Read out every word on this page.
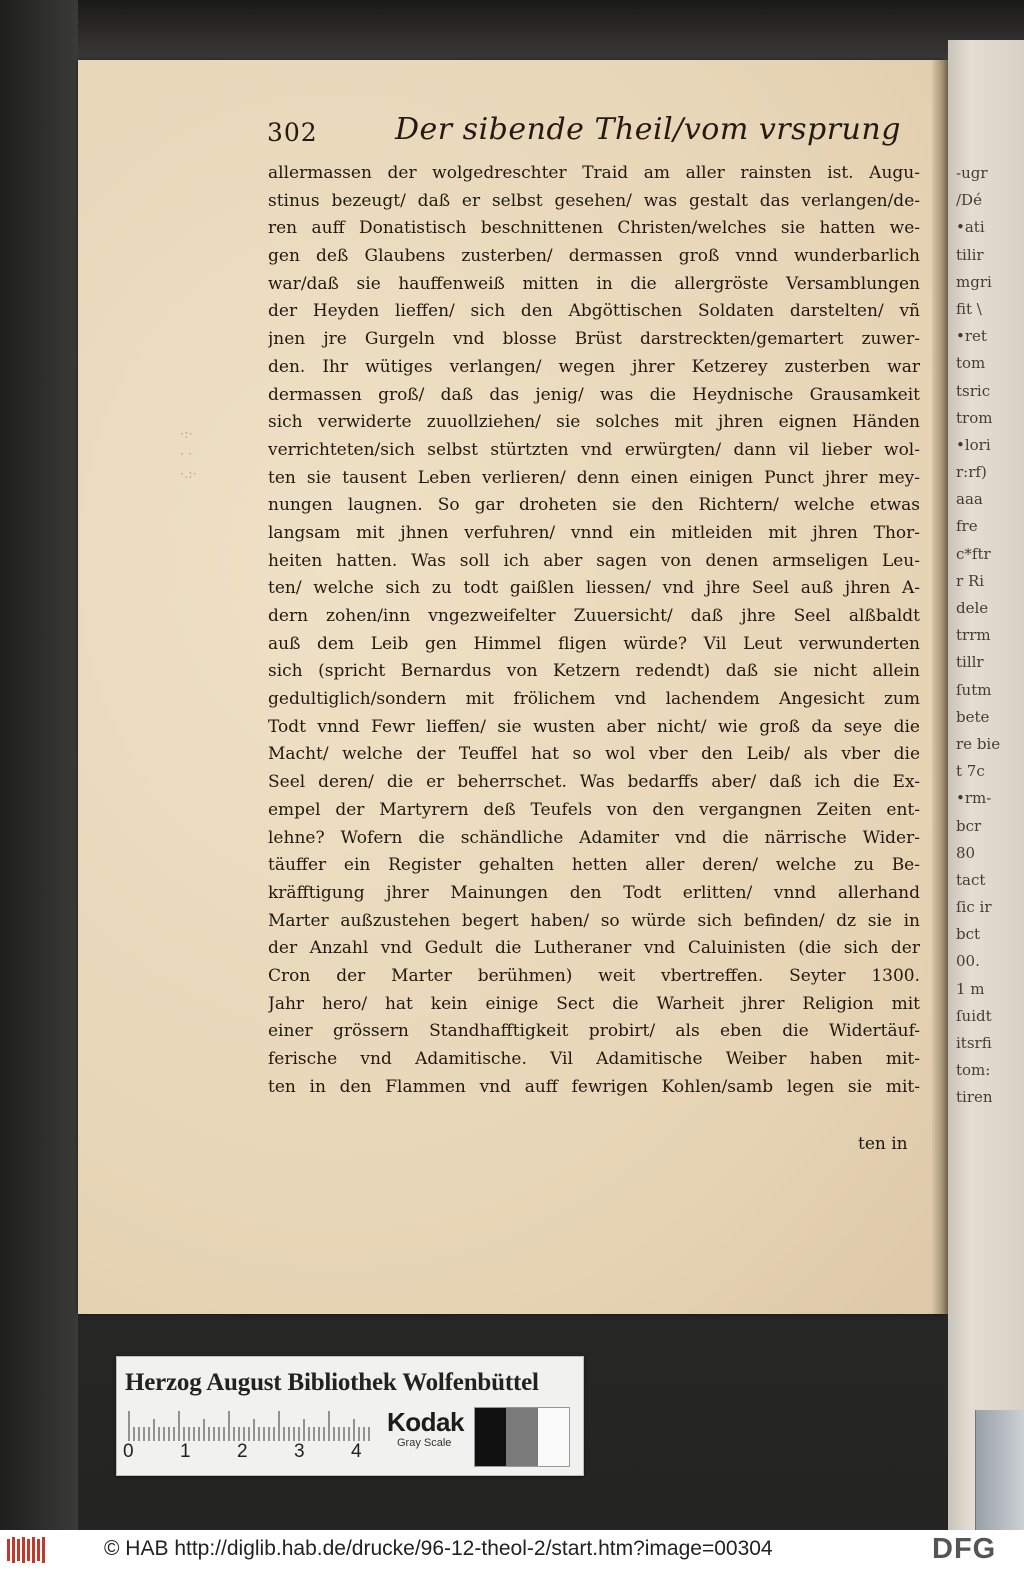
-ugr
/Dé
•ati
tilir
mgri
fit \
•ret
tom
tsric
trom
•lori
r:rf)
aaa
fre
c*ftr
r Ri
dele
trrm
tillr
ſutm
bete
re bie
t 7c
•rm-
bcr
80
tact
ſic ir
bct
00.
1 m
ſuidt
itsrfi
tom:
tiren
·:·
· ·
·.:·
302	Der sibende Theil/vom vrsprung
allermassen der wolgedreschter Traid am aller rainsten ist. Augu-
stinus bezeugt/ daß er selbst gesehen/ was gestalt das verlangen/de-
ren auff Donatistisch beschnittenen Christen/welches sie hatten we-
gen deß Glaubens zusterben/ dermassen groß vnnd wunderbarlich
war/daß sie hauffenweiß mitten in die allergröste Versamblungen
der Heyden lieffen/ sich den Abgöttischen Soldaten darstelten/ vñ
jnen jre Gurgeln vnd blosse Brüst darstreckten/gemartert zuwer-
den. Ihr wütiges verlangen/ wegen jhrer Ketzerey zusterben war
dermassen groß/ daß das jenig/ was die Heydnische Grausamkeit
sich verwiderte zuuollziehen/ sie solches mit jhren eignen Händen
verrichteten/sich selbst stürtzten vnd erwürgten/ dann vil lieber wol-
ten sie tausent Leben verlieren/ denn einen einigen Punct jhrer mey-
nungen laugnen. So gar droheten sie den Richtern/ welche etwas
langsam mit jhnen verfuhren/ vnnd ein mitleiden mit jhren Thor-
heiten hatten. Was soll ich aber sagen von denen armseligen Leu-
ten/ welche sich zu todt gaißlen liessen/ vnd jhre Seel auß jhren A-
dern zohen/inn vngezweifelter Zuuersicht/ daß jhre Seel alßbaldt
auß dem Leib gen Himmel fligen würde? Vil Leut verwunderten
sich (spricht Bernardus von Ketzern redendt) daß sie nicht allein
gedultiglich/sondern mit frölichem vnd lachendem Angesicht zum
Todt vnnd Fewr lieffen/ sie wusten aber nicht/ wie groß da seye die
Macht/ welche der Teuffel hat so wol vber den Leib/ als vber die
Seel deren/ die er beherrschet. Was bedarffs aber/ daß ich die Ex-
empel der Martyrern deß Teufels von den vergangnen Zeiten ent-
lehne? Wofern die schändliche Adamiter vnd die närrische Wider-
täuffer ein Register gehalten hetten aller deren/ welche zu Be-
kräfftigung jhrer Mainungen den Todt erlitten/ vnnd allerhand
Marter außzustehen begert haben/ so würde sich befinden/ dz sie in
der Anzahl vnd Gedult die Lutheraner vnd Caluinisten (die sich der
Cron der Marter berühmen) weit vbertreffen. Seyter 1300.
Jahr hero/ hat kein einige Sect die Warheit jhrer Religion mit
einer grössern Standhafftigkeit probirt/ als eben die Widertäuf-
ferische vnd Adamitische. Vil Adamitische Weiber haben mit-
ten in den Flammen vnd auff fewrigen Kohlen/samb legen sie mit-
ten in
Herzog August Bibliothek Wolfenbüttel
0 1 2 3 4
Kodak
Gray Scale
© HAB http://diglib.hab.de/drucke/96-12-theol-2/start.htm?image=00304	DFG
